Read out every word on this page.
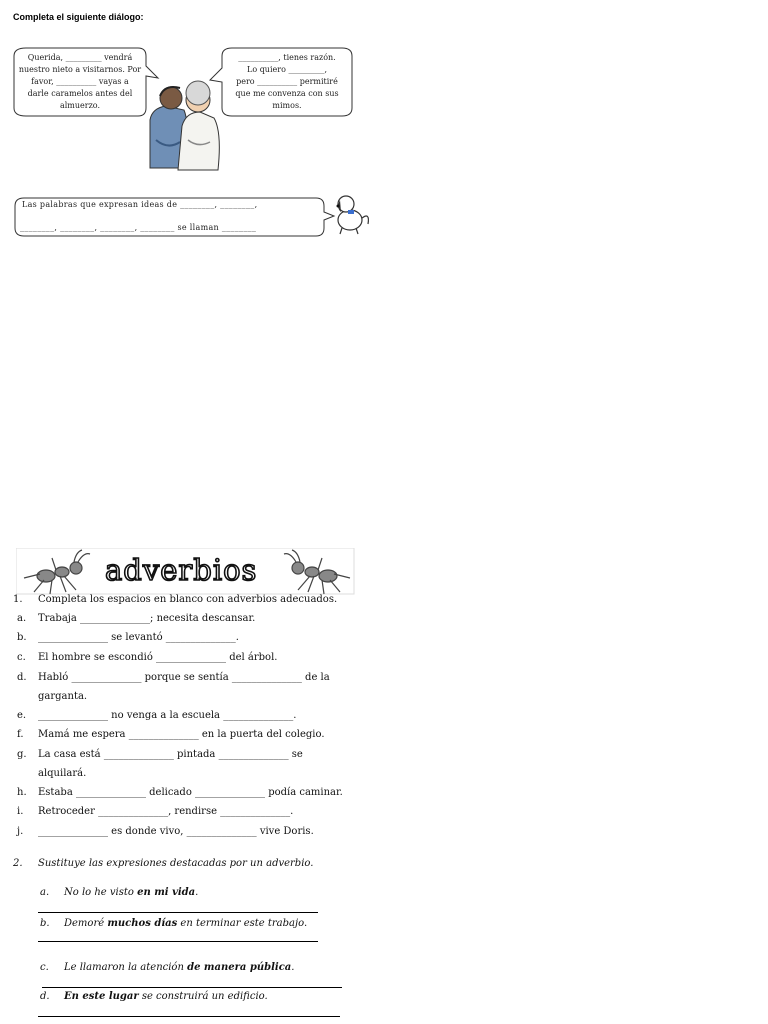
Completa el siguiente diálogo:
Querida, _________ vendrá
nuestro nieto a visitarnos. Por
favor, __________ vayas a
darle caramelos antes del
almuerzo.
__________, tienes razón.
Lo quiero _________,
pero __________ permitiré
que me convenza con sus
mimos.
Las palabras que expresan ideas de ________, ________,
________, ________, ________, ________ se llaman ________
adverbios
1. Completa los espacios en blanco con adverbios adecuados.
a. Trabaja ______________; necesita descansar.
b. ______________ se levantó ______________.
c. El hombre se escondió ______________ del árbol.
d. Habló ______________ porque se sentía ______________ de la
garganta.
e. ______________ no venga a la escuela ______________.
f. Mamá me espera ______________ en la puerta del colegio.
g. La casa está ______________ pintada ______________ se
alquilará.
h. Estaba ______________ delicado ______________ podía caminar.
i. Retroceder ______________, rendirse ______________.
j. ______________ es donde vivo, ______________ vive Doris.
2. Sustituye las expresiones destacadas por un adverbio.
a. No lo he visto en mi vida.
b. Demoré muchos días en terminar este trabajo.
c. Le llamaron la atención de manera pública.
d. En este lugar se construirá un edificio.
